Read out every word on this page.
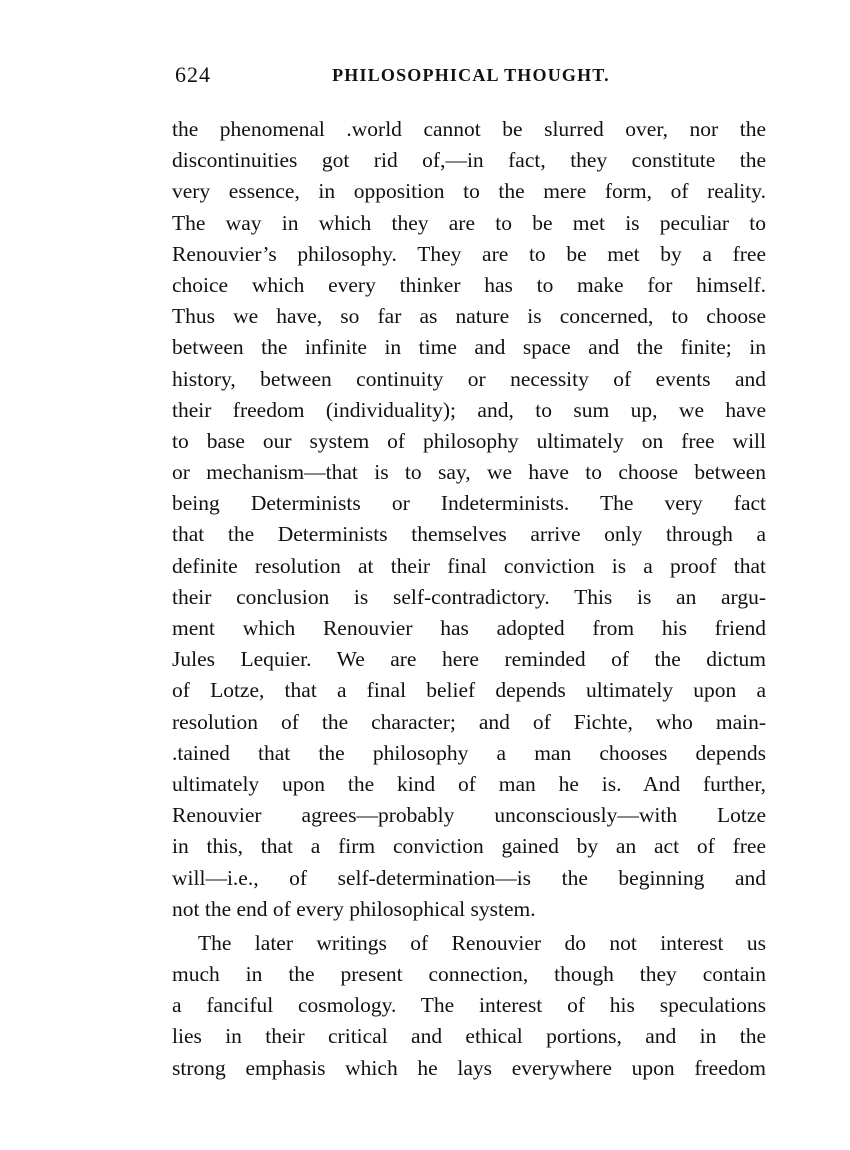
624	PHILOSOPHICAL THOUGHT.
the phenomenal .world cannot be slurred over, nor the
discontinuities got rid of,—in fact, they constitute the
very essence, in opposition to the mere form, of reality.
The way in which they are to be met is peculiar to
Renouvier’s philosophy. They are to be met by a free
choice which every thinker has to make for himself.
Thus we have, so far as nature is concerned, to choose
between the infinite in time and space and the finite; in
history, between continuity or necessity of events and
their freedom (individuality); and, to sum up, we have
to base our system of philosophy ultimately on free will
or mechanism—that is to say, we have to choose between
being Determinists or Indeterminists. The very fact
that the Determinists themselves arrive only through a
definite resolution at their final conviction is a proof that
their conclusion is self-contradictory. This is an argu-
ment which Renouvier has adopted from his friend
Jules Lequier. We are here reminded of the dictum
of Lotze, that a final belief depends ultimately upon a
resolution of the character; and of Fichte, who main-
.tained that the philosophy a man chooses depends
ultimately upon the kind of man he is. And further,
Renouvier agrees—probably unconsciously—with Lotze
in this, that a firm conviction gained by an act of free
will—i.e., of self-determination—is the beginning and
not the end of every philosophical system.
The later writings of Renouvier do not interest us
much in the present connection, though they contain
a fanciful cosmology. The interest of his speculations
lies in their critical and ethical portions, and in the
strong emphasis which he lays everywhere upon freedom
